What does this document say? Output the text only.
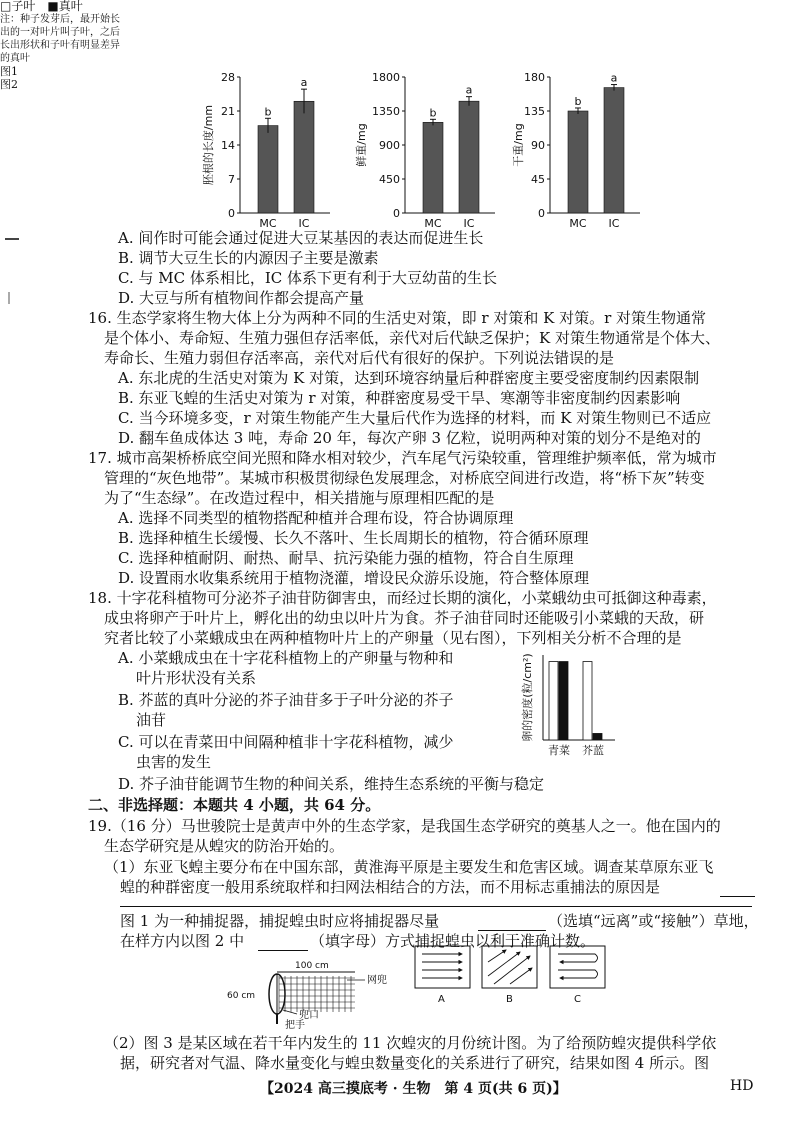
0
7
14
21
28
胚根的长度/mm	b
MC
a
IC
0
450
900
1350
1800
鲜重/mg
b
MC
a
IC
0
45
90
135
180
干重/mg
b
MC
a
IC
A. 间作时可能会通过促进大豆某基因的表达而促进生长
B. 调节大豆生长的内源因子主要是激素
C. 与 MC 体系相比，IC 体系下更有利于大豆幼苗的生长
D. 大豆与所有植物间作都会提高产量
16. 生态学家将生物大体上分为两种不同的生活史对策，即 r 对策和 K 对策。r 对策生物通常
是个体小、寿命短、生殖力强但存活率低，亲代对后代缺乏保护；K 对策生物通常是个体大、
寿命长、生殖力弱但存活率高，亲代对后代有很好的保护。下列说法错误的是
A. 东北虎的生活史对策为 K 对策，达到环境容纳量后种群密度主要受密度制约因素限制
B. 东亚飞蝗的生活史对策为 r 对策，种群密度易受干旱、寒潮等非密度制约因素影响
C. 当今环境多变，r 对策生物能产生大量后代作为选择的材料，而 K 对策生物则已不适应
D. 翻车鱼成体达 3 吨，寿命 20 年，每次产卵 3 亿粒，说明两种对策的划分不是绝对的
17. 城市高架桥桥底空间光照和降水相对较少，汽车尾气污染较重，管理维护频率低，常为城市
管理的“灰色地带”。某城市积极贯彻绿色发展理念，对桥底空间进行改造，将“桥下灰”转变
为了“生态绿”。在改造过程中，相关措施与原理相匹配的是
A. 选择不同类型的植物搭配种植并合理布设，符合协调原理
B. 选择种植生长缓慢、长久不落叶、生长周期长的植物，符合循环原理
C. 选择种植耐阴、耐热、耐旱、抗污染能力强的植物，符合自生原理
D. 设置雨水收集系统用于植物浇灌，增设民众游乐设施，符合整体原理
18. 十字花科植物可分泌芥子油苷防御害虫，而经过长期的演化，小菜蛾幼虫可抵御这种毒素，
成虫将卵产于叶片上，孵化出的幼虫以叶片为食。芥子油苷同时还能吸引小菜蛾的天敌，研
究者比较了小菜蛾成虫在两种植物叶片上的产卵量（见右图），下列相关分析不合理的是
A. 小菜蛾成虫在十字花科植物上的产卵量与物种和
叶片形状没有关系
B. 芥蓝的真叶分泌的芥子油苷多于子叶分泌的芥子
油苷
C. 可以在青菜田中间隔种植非十字花科植物，减少
虫害的发生
D. 芥子油苷能调节生物的种间关系，维持生态系统的平衡与稳定
□子叶　 ■真叶
卵的密度(粒/cm²)
青菜 芥蓝
注：种子发芽后，最开始长
出的一对叶片叫子叶，之后
长出形状和子叶有明显差异
的真叶
二、非选择题：本题共 4 小题，共 64 分。
19.（16 分）马世骏院士是黄声中外的生态学家，是我国生态学研究的奠基人之一。他在国内的
生态学研究是从蝗灾的防治开始的。
（1）东亚飞蝗主要分布在中国东部，黄淮海平原是主要发生和危害区域。调查某草原东亚飞
蝗的种群密度一般用系统取样和扫网法相结合的方法，而不用标志重捕法的原因是
图 1 为一种捕捉器，捕捉蝗虫时应将捕捉器尽量	（选填“远离”或“接触”）草地，
在样方内以图 2 中	（填字母）方式捕捉蝗虫以利于准确计数。
100 cm
60 cm
网兜
兜口
把手
图1
A	B	C
图2
（2）图 3 是某区域在若干年内发生的 11 次蝗灾的月份统计图。为了给预防蝗灾提供科学依
据，研究者对气温、降水量变化与蝗虫数量变化的关系进行了研究，结果如图 4 所示。图
【2024 高三摸底考 · 生物　第 4 页(共 6 页)】	HD
